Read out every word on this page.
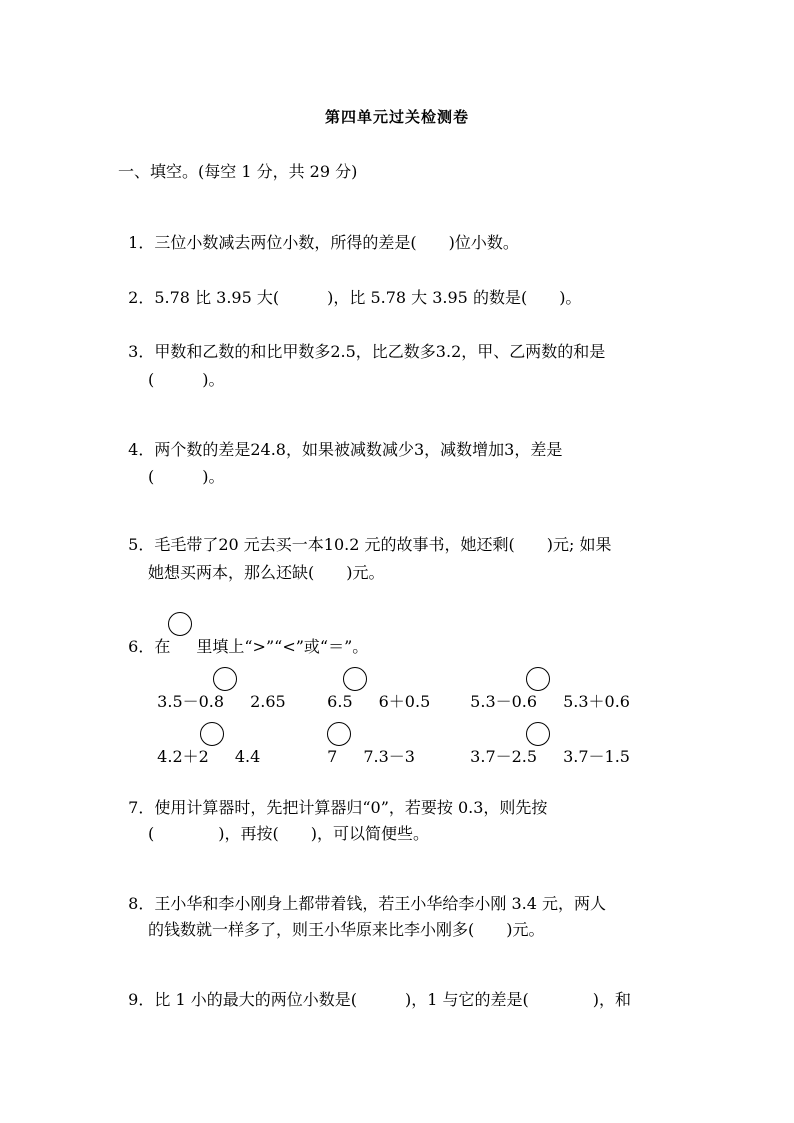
第四单元过关检测卷
一、填空。(每空 1 分，共 29 分)

1．三位小数减去两位小数，所得的差是(　　)位小数。

2．5.78 比 3.95 大(　　　)，比 5.78 大 3.95 的数是(　　)。

3．甲数和乙数的和比甲数多2.5，比乙数多3.2，甲、乙两数的和是

(　　　)。

4．两个数的差是24.8，如果被减数减少3，减数增加3，差是

(　　　)。

5．毛毛带了20 元去买一本10.2 元的故事书，她还剩(　　)元; 如果

她想买两本，那么还缺(　　)元。

6．在 里填上“>”“<”或“＝”。

3.5－0.8 2.65	6.5 6＋0.5	5.3－0.6 5.3＋0.6

4.2＋2 4.4	7 7.3－3	3.7－2.5 3.7－1.5

7．使用计算器时，先把计算器归“0”，若要按 0.3，则先按

(　　　　)，再按(　　)，可以简便些。

8．王小华和李小刚身上都带着钱，若王小华给李小刚 3.4 元，两人

的钱数就一样多了，则王小华原来比李小刚多(　　)元。

9．比 1 小的最大的两位小数是(　　　)，1 与它的差是(　　　　)，和
